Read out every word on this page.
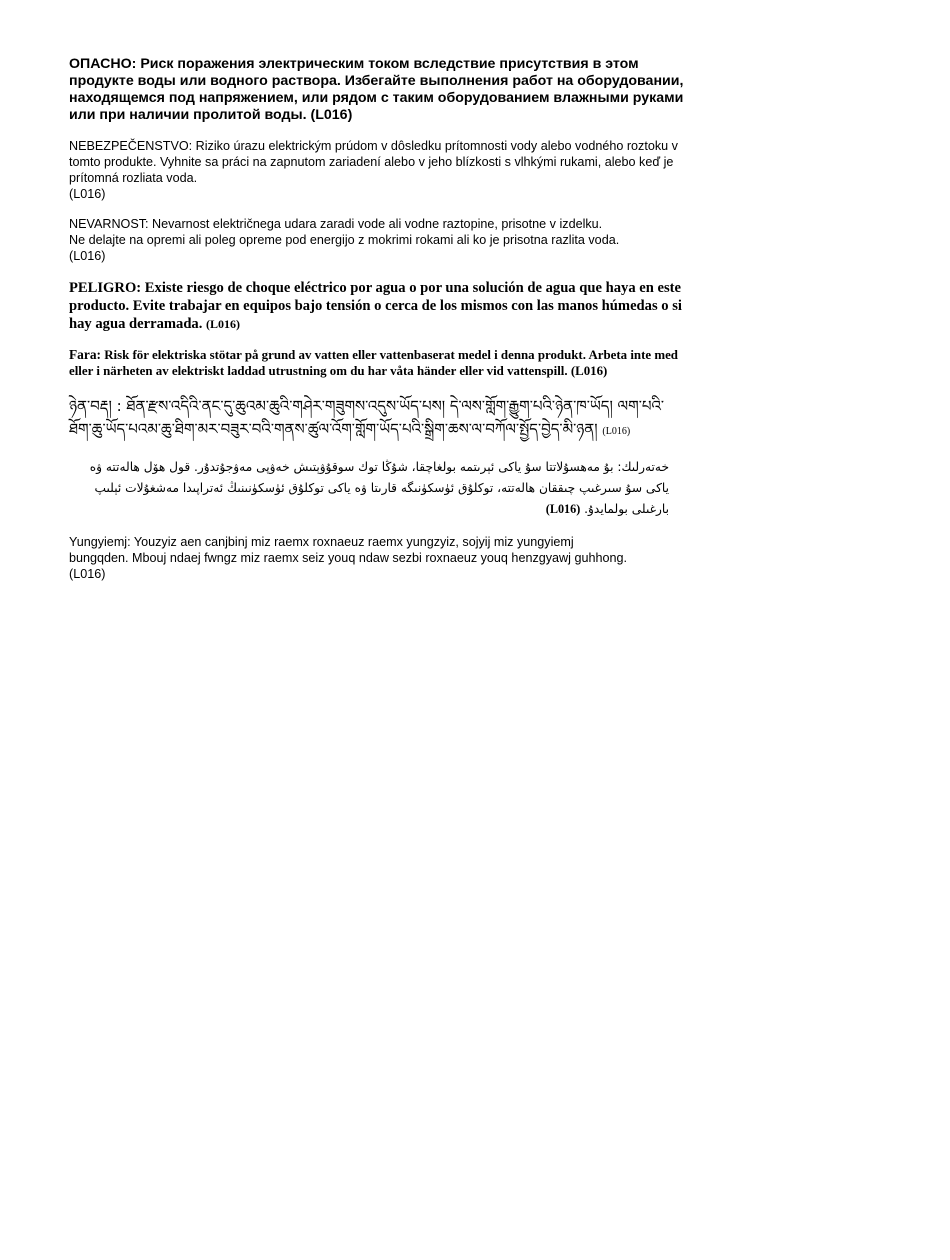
ОПАСНО: Риск поражения электрическим током вследствие присутствия в этом продукте воды или водного раствора. Избегайте выполнения работ на оборудовании, находящемся под напряжением, или рядом с таким оборудованием влажными руками или при наличии пролитой воды. (L016)

NEBEZPEČENSTVO: Riziko úrazu elektrickým prúdom v dôsledku prítomnosti vody alebo vodného roztoku v tomto produkte. Vyhnite sa práci na zapnutom zariadení alebo v jeho blízkosti s vlhkými rukami, alebo keď je prítomná rozliata voda.
(L016)
NEVARNOST: Nevarnost električnega udara zaradi vode ali vodne raztopine, prisotne v izdelku.
Ne delajte na opremi ali poleg opreme pod energijo z mokrimi rokami ali ko je prisotna razlita voda.
(L016)
PELIGRO: Existe riesgo de choque eléctrico por agua o por una solución de agua que haya en este producto. Evite trabajar en equipos bajo tensión o cerca de los mismos con las manos húmedas o si hay agua derramada. (L016)
Fara: Risk för elektriska stötar på grund av vatten eller vattenbaserat medel i denna produkt. Arbeta inte med eller i närheten av elektriskt laddad utrustning om du har våta händer eller vid vattenspill. (L016)
ཉེན་བརྡ། : ཐོན་རྫས་འདིའི་ནང་དུ་ཆུའམ་ཆུའི་གཤེར་གཟུགས་འདུས་ཡོད་པས། དེ་ལས་གློག་རྒྱུག་པའི་ཉེན་ཁ་ཡོད། ལག་པའི་ཐོག་ཆུ་ཡོད་པའམ་ཆུ་ཐིག་མར་བཟུར་བའི་གནས་ཚུལ་འོག་གློག་ཡོད་པའི་སྒྲིག་ཆས་ལ་བཀོལ་སྤྱོད་བྱེད་མི་ཉན། (L016)
خەتەرلىك: بۇ مەھسۇلاتتا سۇ ياكى ئېرىتمە بولغاچقا، شۇڭا توك سوقۇۋېتىش خەۋپى مەۋجۇتدۇر. قول ھۆل ھالەتتە ۋە ياكى سۇ سىرغىپ چىققان ھالەتتە، توكلۇق ئۈسكۈنىگە قارىتا ۋە ياكى توكلۇق ئۈسكۈنىنىڭ ئەتراپىدا مەشغۇلات ئېلىپ بارغىلى بولمايدۇ. (L016)
Yungyiemj: Youzyiz aen canjbinj miz raemx roxnaeuz raemx yungzyiz, sojyij miz yungyiemj
bungqden. Mbouj ndaej fwngz miz raemx seiz youq ndaw sezbi roxnaeuz youq henzgyawj guhhong.
(L016)
